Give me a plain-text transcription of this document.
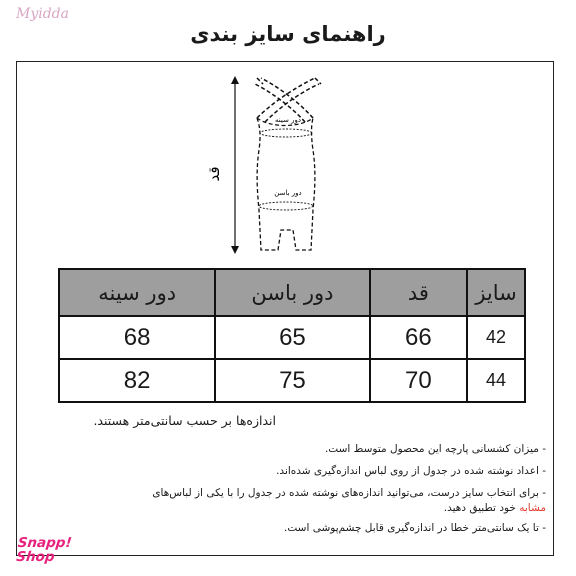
Myidda
راهنمای سایز بندی
قد
دور سینه
دور باسن
سایز	قد	دور باسن	دور سینه
42	66	65	68
44	70	75	82
اندازه‌ها بر حسب سانتی‌متر هستند.
- میزان کشسانی پارچه این محصول متوسط است.
- اعداد نوشته شده در جدول از روی لباس اندازه‌گیری شده‌اند.
- برای انتخاب سایز درست، می‌توانید اندازه‌های نوشته شده در جدول را با یکی از لباس‌های
مشابه خود تطبیق دهید.
- تا یک سانتی‌متر خطا در اندازه‌گیری قابل چشم‌پوشی است.
Snapp!
Shop
